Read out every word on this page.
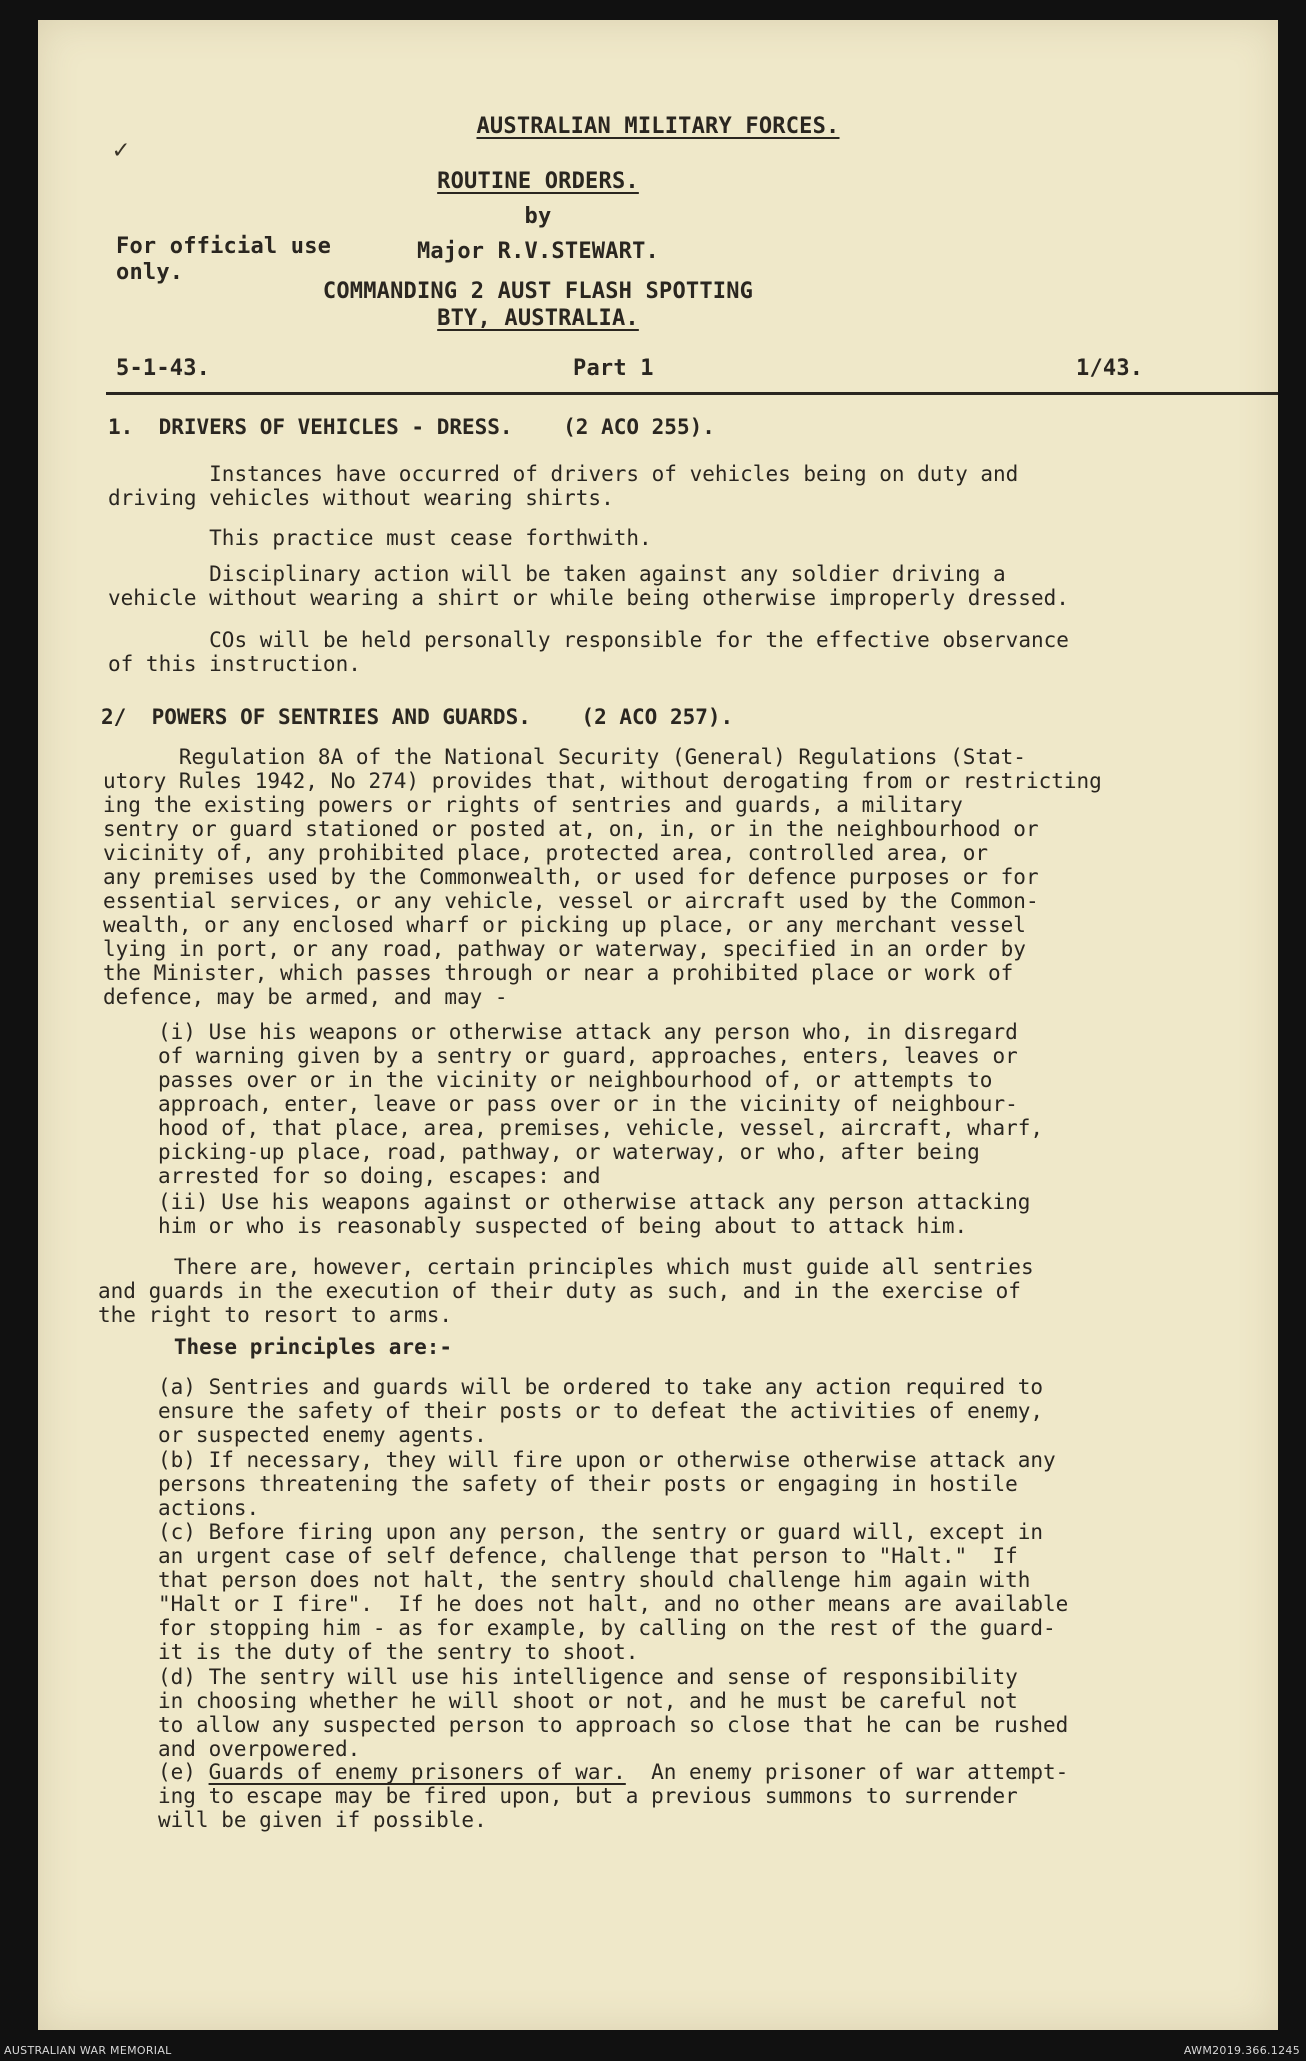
✓
AUSTRALIAN MILITARY FORCES.
ROUTINE ORDERS.
by
Major R.V.STEWART.
COMMANDING 2 AUST FLASH SPOTTING
BTY, AUSTRALIA.
For official use
only.
5-1-43.	Part 1	1/43.
1.  DRIVERS OF VEHICLES - DRESS.    (2 ACO 255).
Instances have occurred of drivers of vehicles being on duty and
driving vehicles without wearing shirts.
This practice must cease forthwith.
Disciplinary action will be taken against any soldier driving a
vehicle without wearing a shirt or while being otherwise improperly dressed.
COs will be held personally responsible for the effective observance
of this instruction.
2/  POWERS OF SENTRIES AND GUARDS.    (2 ACO 257).
Regulation 8A of the National Security (General) Regulations (Stat-
utory Rules 1942, No 274) provides that, without derogating from or restricting
ing the existing powers or rights of sentries and guards, a military
sentry or guard stationed or posted at, on, in, or in the neighbourhood or
vicinity of, any prohibited place, protected area, controlled area, or
any premises used by the Commonwealth, or used for defence purposes or for
essential services, or any vehicle, vessel or aircraft used by the Common-
wealth, or any enclosed wharf or picking up place, or any merchant vessel
lying in port, or any road, pathway or waterway, specified in an order by
the Minister, which passes through or near a prohibited place or work of
defence, may be armed, and may -
(i) Use his weapons or otherwise attack any person who, in disregard
of warning given by a sentry or guard, approaches, enters, leaves or
passes over or in the vicinity or neighbourhood of, or attempts to
approach, enter, leave or pass over or in the vicinity of neighbour-
hood of, that place, area, premises, vehicle, vessel, aircraft, wharf,
picking-up place, road, pathway, or waterway, or who, after being
arrested for so doing, escapes: and
(ii) Use his weapons against or otherwise attack any person attacking
him or who is reasonably suspected of being about to attack him.
There are, however, certain principles which must guide all sentries
and guards in the execution of their duty as such, and in the exercise of
the right to resort to arms.
These principles are:-
(a) Sentries and guards will be ordered to take any action required to
ensure the safety of their posts or to defeat the activities of enemy,
or suspected enemy agents.
(b) If necessary, they will fire upon or otherwise otherwise attack any
persons threatening the safety of their posts or engaging in hostile
actions.
(c) Before firing upon any person, the sentry or guard will, except in
an urgent case of self defence, challenge that person to "Halt."  If
that person does not halt, the sentry should challenge him again with
"Halt or I fire".  If he does not halt, and no other means are available
for stopping him - as for example, by calling on the rest of the guard-
it is the duty of the sentry to shoot.
(d) The sentry will use his intelligence and sense of responsibility
in choosing whether he will shoot or not, and he must be careful not
to allow any suspected person to approach so close that he can be rushed
and overpowered.
(e) Guards of enemy prisoners of war.  An enemy prisoner of war attempt-
ing to escape may be fired upon, but a previous summons to surrender
will be given if possible.
AUSTRALIAN WAR MEMORIAL	AWM2019.366.1245
